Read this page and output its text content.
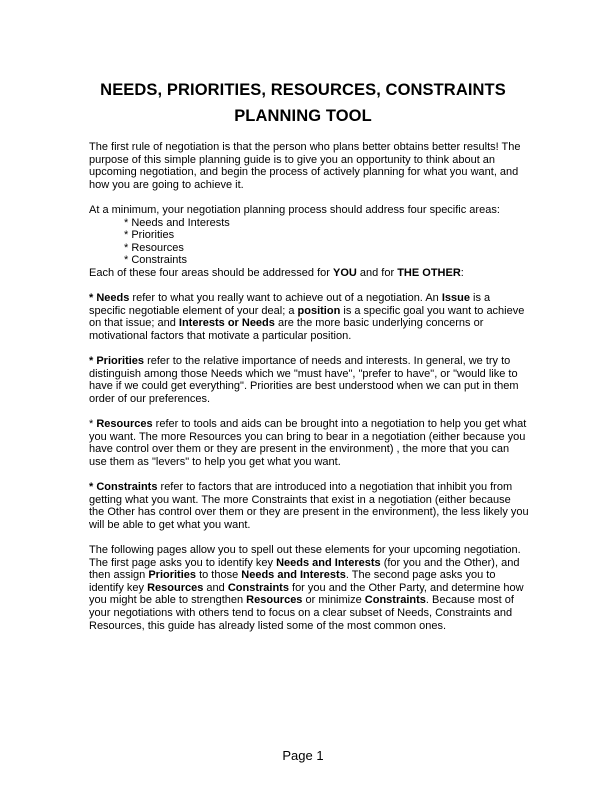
NEEDS, PRIORITIES, RESOURCES, CONSTRAINTS
PLANNING TOOL

The first rule of negotiation is that the person who plans better obtains better results! The purpose of this simple planning guide is to give you an opportunity to think about an upcoming negotiation, and begin the process of actively planning for what you want, and how you are going to achieve it.

At a minimum, your negotiation planning process should address four specific areas:

* Needs and Interests
* Priorities
* Resources
* Constraints

Each of these four areas should be addressed for YOU and for THE OTHER:

* Needs refer to what you really want to achieve out of a negotiation. An Issue is a specific negotiable element of your deal; a position is a specific goal you want to achieve on that issue; and Interests or Needs are the more basic underlying concerns or motivational factors that motivate a particular position.

* Priorities refer to the relative importance of needs and interests. In general, we try to distinguish among those Needs which we "must have", "prefer to have", or "would like to have if we could get everything". Priorities are best understood when we can put in them order of our preferences.

* Resources refer to tools and aids can be brought into a negotiation to help you get what you want. The more Resources you can bring to bear in a negotiation (either because you have control over them or they are present in the environment) , the more that you can use them as "levers" to help you get what you want.

* Constraints refer to factors that are introduced into a negotiation that inhibit you from getting what you want. The more Constraints that exist in a negotiation (either because the Other has control over them or they are present in the environment), the less likely you will be able to get what you want.

The following pages allow you to spell out these elements for your upcoming negotiation. The first page asks you to identify key Needs and Interests (for you and the Other), and then assign Priorities to those Needs and Interests. The second page asks you to identify key Resources and Constraints for you and the Other Party, and determine how you might be able to strengthen Resources or minimize Constraints. Because most of your negotiations with others tend to focus on a clear subset of Needs, Constraints and Resources, this guide has already listed some of the most common ones.

Page 1
